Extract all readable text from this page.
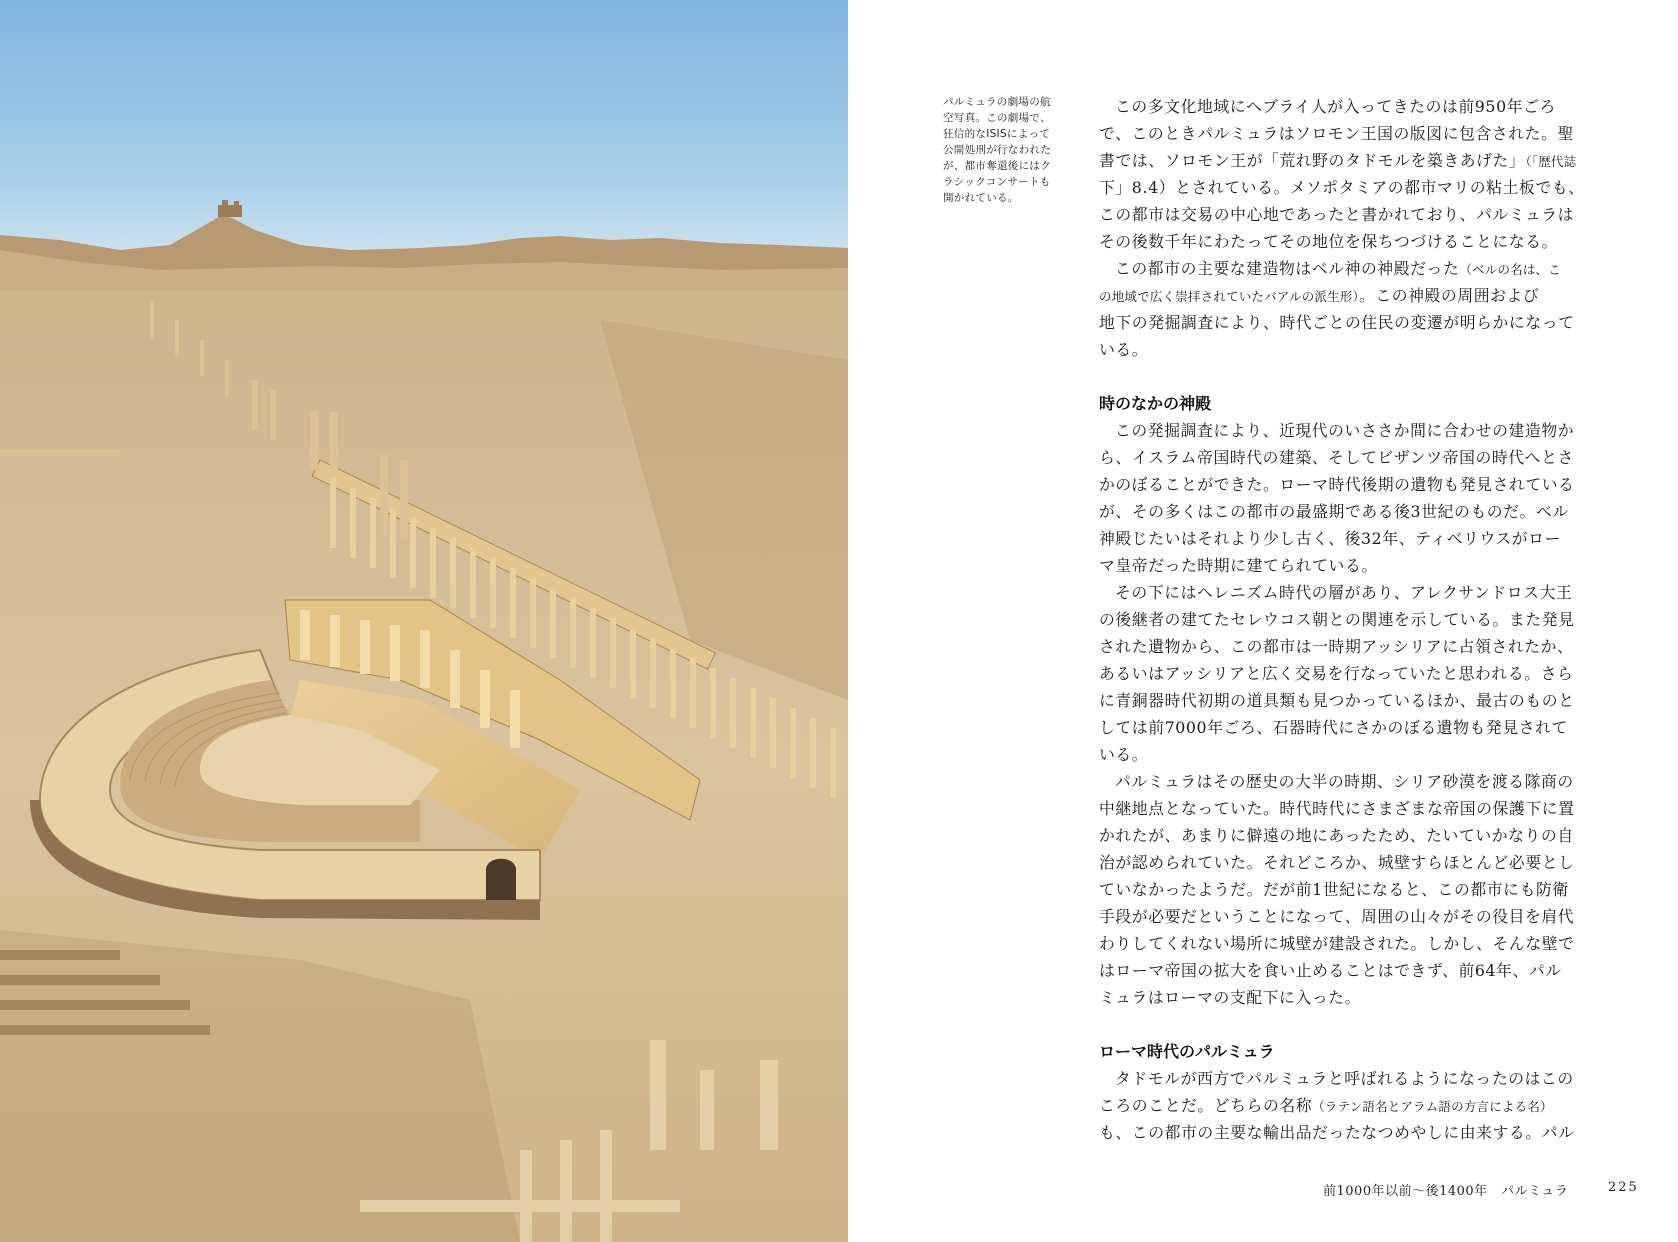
パルミュラの劇場の航
空写真。この劇場で、
狂信的なISISによって
公開処刑が行なわれた
が、都市奪還後にはク
ラシックコンサートも
開かれている。
この多文化地域にヘブライ人が入ってきたのは前950年ごろ
で、このときパルミュラはソロモン王国の版図に包含された。聖
書では、ソロモン王が「荒れ野のタドモルを築きあげた」（「歴代誌
下」8.4）とされている。メソポタミアの都市マリの粘土板でも、
この都市は交易の中心地であったと書かれており、パルミュラは
その後数千年にわたってその地位を保ちつづけることになる。
この都市の主要な建造物はベル神の神殿だった（ベルの名は、こ
の地域で広く崇拝されていたバアルの派生形）。この神殿の周囲および
地下の発掘調査により、時代ごとの住民の変遷が明らかになって
いる。
時のなかの神殿
この発掘調査により、近現代のいささか間に合わせの建造物か
ら、イスラム帝国時代の建築、そしてビザンツ帝国の時代へとさ
かのぼることができた。ローマ時代後期の遺物も発見されている
が、その多くはこの都市の最盛期である後3世紀のものだ。ベル
神殿じたいはそれより少し古く、後32年、ティベリウスがロー
マ皇帝だった時期に建てられている。
その下にはヘレニズム時代の層があり、アレクサンドロス大王
の後継者の建てたセレウコス朝との関連を示している。また発見
された遺物から、この都市は一時期アッシリアに占領されたか、
あるいはアッシリアと広く交易を行なっていたと思われる。さら
に青銅器時代初期の道具類も見つかっているほか、最古のものと
しては前7000年ごろ、石器時代にさかのぼる遺物も発見されて
いる。
パルミュラはその歴史の大半の時期、シリア砂漠を渡る隊商の
中継地点となっていた。時代時代にさまざまな帝国の保護下に置
かれたが、あまりに僻遠の地にあったため、たいていかなりの自
治が認められていた。それどころか、城壁すらほとんど必要とし
ていなかったようだ。だが前1世紀になると、この都市にも防衛
手段が必要だということになって、周囲の山々がその役目を肩代
わりしてくれない場所に城壁が建設された。しかし、そんな壁で
はローマ帝国の拡大を食い止めることはできず、前64年、パル
ミュラはローマの支配下に入った。
ローマ時代のパルミュラ
タドモルが西方でパルミュラと呼ばれるようになったのはこの
ころのことだ。どちらの名称（ラテン語名とアラム語の方言による名）
も、この都市の主要な輸出品だったなつめやしに由来する。パル
前1000年以前〜後1400年　パルミュラ	225
